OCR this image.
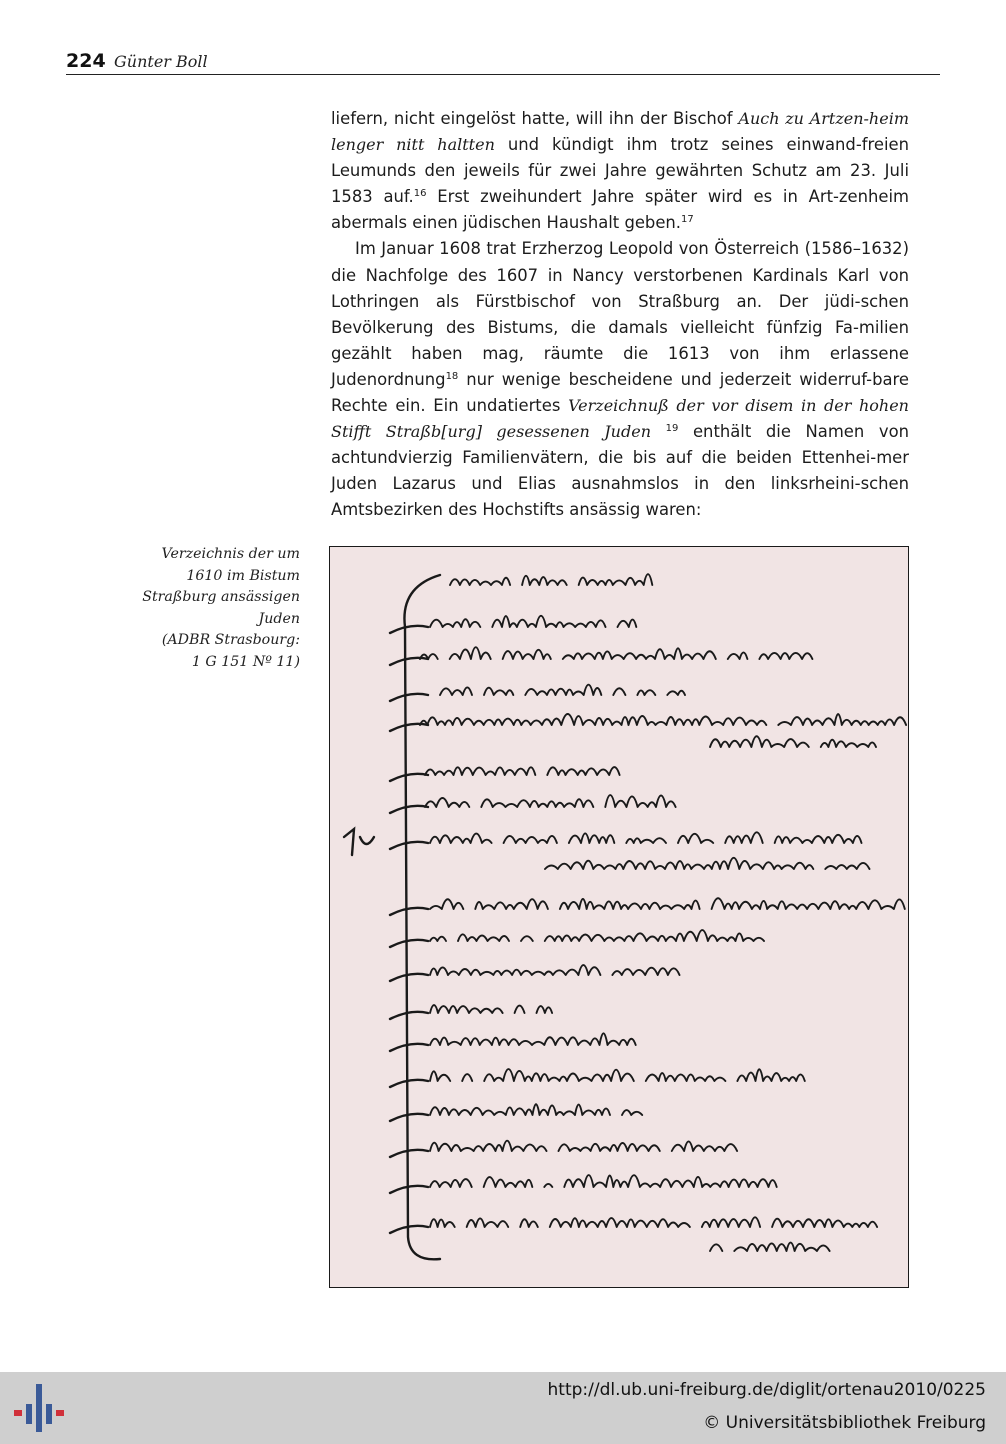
224 Günter Boll

liefern, nicht eingelöst hatte, will ihn der Bischof Auch zu Artzen-heim lenger nitt haltten und kündigt ihm trotz seines einwand-freien Leumunds den jeweils für zwei Jahre gewährten Schutz am 23. Juli 1583 auf.$^{16}$ Erst zweihundert Jahre später wird es in Art-zenheim abermals einen jüdischen Haushalt geben.$^{17}$

Im Januar 1608 trat Erzherzog Leopold von Österreich (1586–1632) die Nachfolge des 1607 in Nancy verstorbenen Kardinals Karl von Lothringen als Fürstbischof von Straßburg an. Der jüdi-schen Bevölkerung des Bistums, die damals vielleicht fünfzig Fa-milien gezählt haben mag, räumte die 1613 von ihm erlassene Judenordnung$^{18}$ nur wenige bescheidene und jederzeit widerruf-bare Rechte ein. Ein undatiertes Verzeichnuß der vor disem in der hohen Stifft Straßb[urg] gesessenen Juden $^{19}$ enthält die Namen von achtundvierzig Familienvätern, die bis auf die beiden Ettenhei-mer Juden Lazarus und Elias ausnahmslos in den linksrheini-schen Amtsbezirken des Hochstifts ansässig waren:

Verzeichnis der um
1610 im Bistum
Straßburg ansässigen
Juden
(ADBR Strasbourg:
1 G 151 Nº 11)
http://dl.ub.uni-freiburg.de/diglit/ortenau2010/0225
© Universitätsbibliothek Freiburg
